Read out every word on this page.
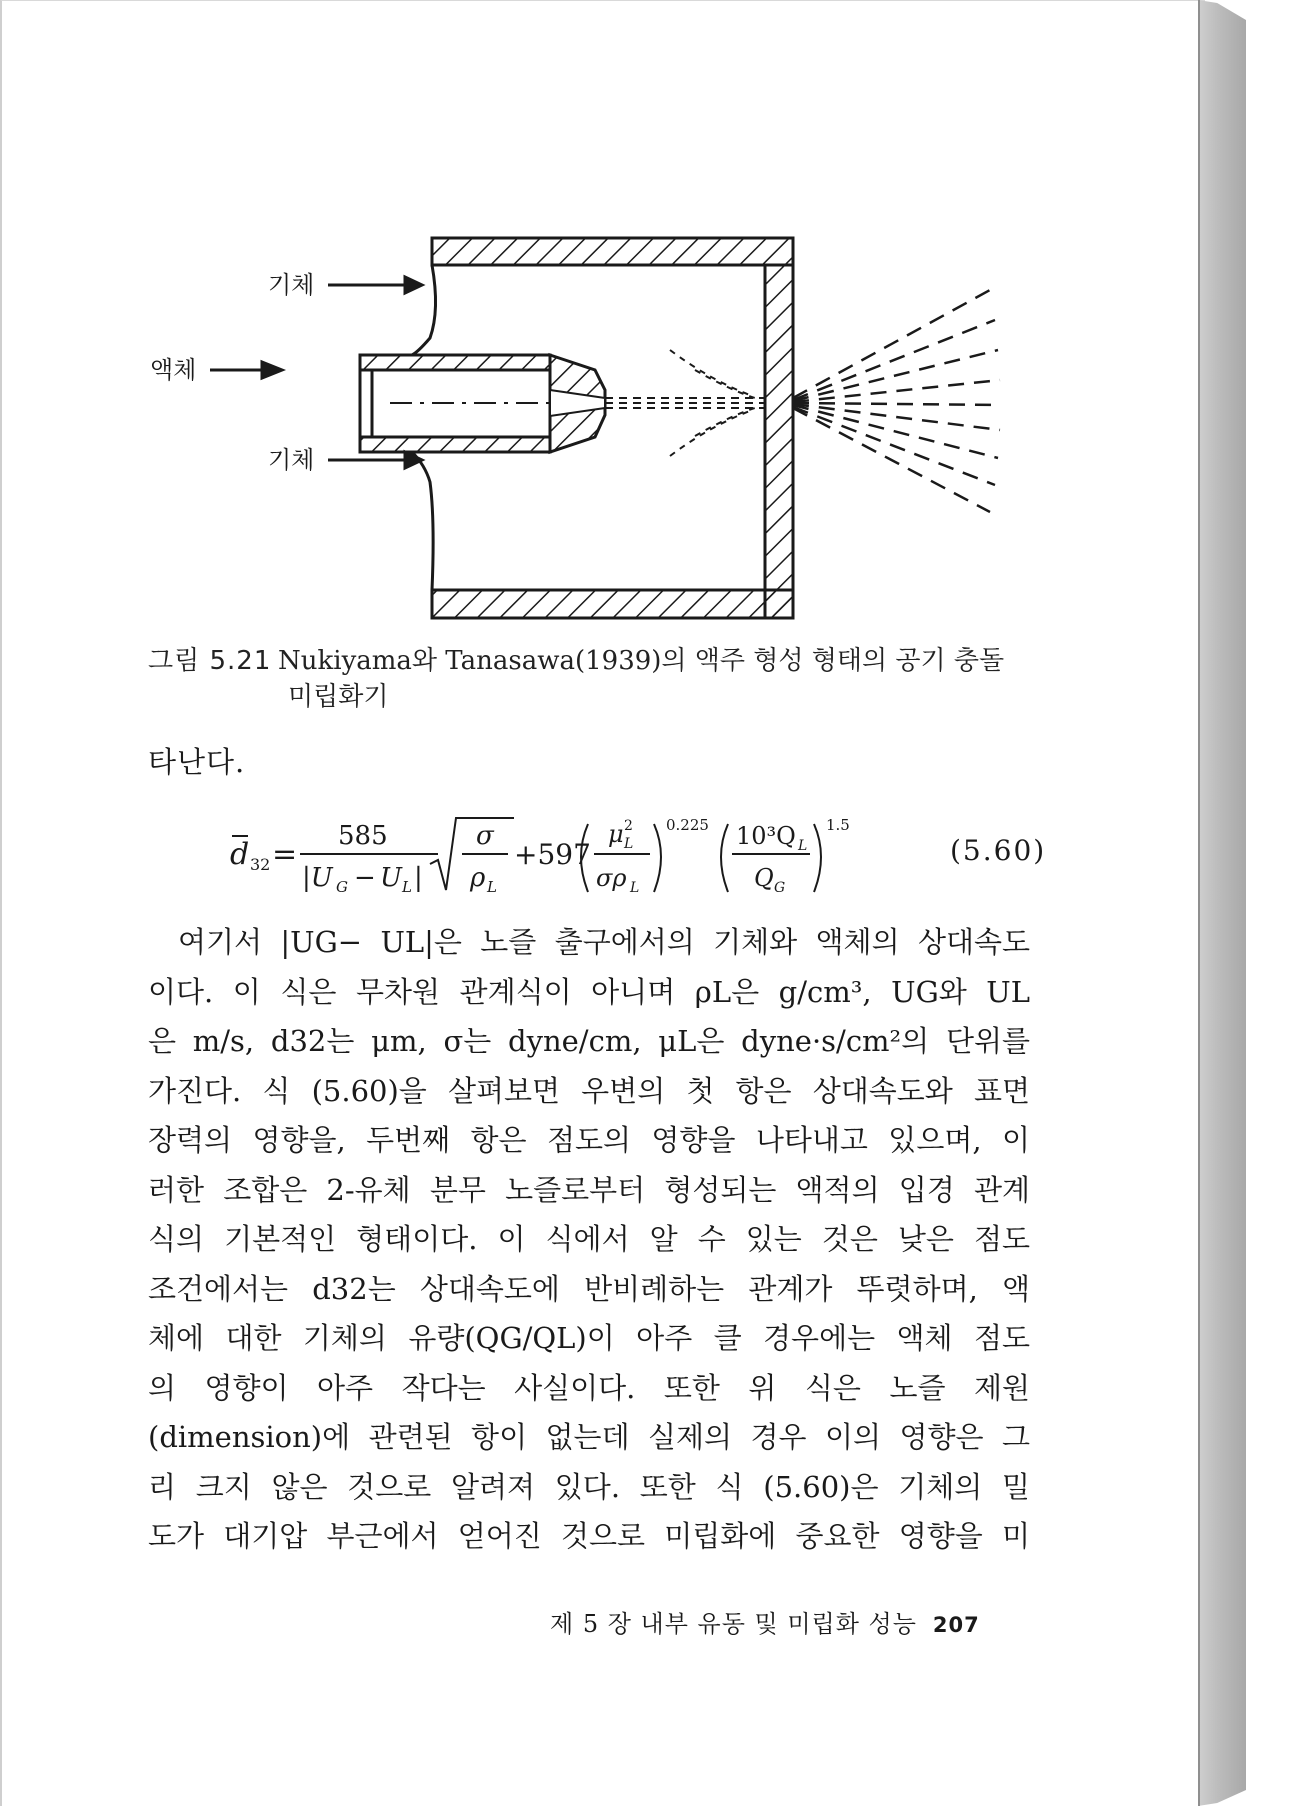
기체
액체
기체
그림 5.21 Nukiyama와 Tanasawa(1939)의 액주 형성 형태의 공기 충돌
미립화기
타난다.
d 32 =
585
|U G − U L |
σ
ρ L
+597
μ 2
L
σρ L
0.225 10³Q L
Q G
1.5
(5.60)
여기서 |UG− UL|은 노즐 출구에서의 기체와 액체의 상대속도
이다. 이 식은 무차원 관계식이 아니며 ρL은 g/cm³, UG와 UL
은 m/s, d32는 μm, σ는 dyne/cm, μL은 dyne·s/cm²의 단위를
가진다. 식 (5.60)을 살펴보면 우변의 첫 항은 상대속도와 표면
장력의 영향을, 두번째 항은 점도의 영향을 나타내고 있으며, 이
러한 조합은 2-유체 분무 노즐로부터 형성되는 액적의 입경 관계
식의 기본적인 형태이다. 이 식에서 알 수 있는 것은 낮은 점도
조건에서는 d32는 상대속도에 반비례하는 관계가 뚜렷하며, 액
체에 대한 기체의 유량(QG/QL)이 아주 클 경우에는 액체 점도
의 영향이 아주 작다는 사실이다. 또한 위 식은 노즐 제원
(dimension)에 관련된 항이 없는데 실제의 경우 이의 영향은 그
리 크지 않은 것으로 알려져 있다. 또한 식 (5.60)은 기체의 밀
도가 대기압 부근에서 얻어진 것으로 미립화에 중요한 영향을 미
제 5 장 내부 유동 및 미립화 성능 207
